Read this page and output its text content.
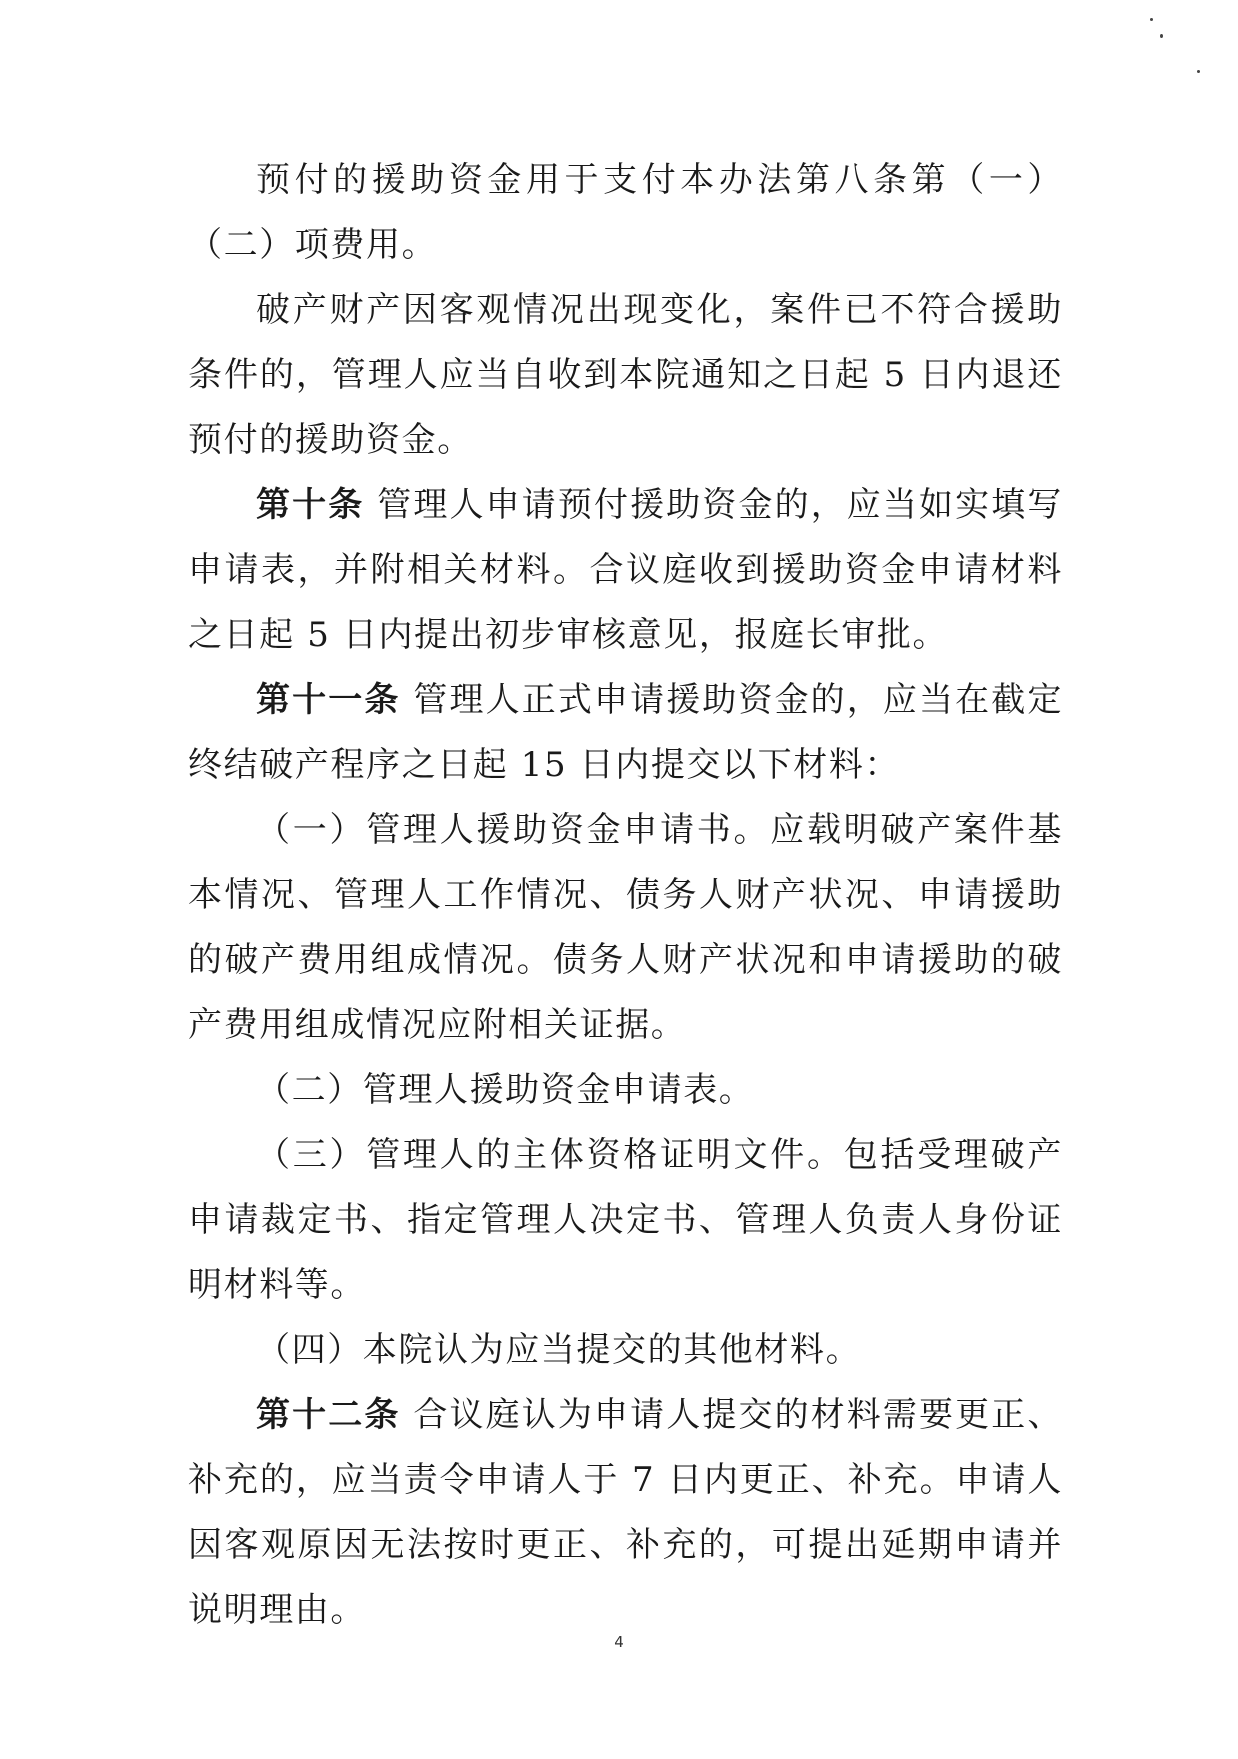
预付的援助资金用于支付本办法第八条第（一）（二）项费用。

破产财产因客观情况出现变化，案件已不符合援助条件的，管理人应当自收到本院通知之日起 5 日内退还预付的援助资金。

第十条 管理人申请预付援助资金的，应当如实填写申请表，并附相关材料。合议庭收到援助资金申请材料之日起 5 日内提出初步审核意见，报庭长审批。

第十一条 管理人正式申请援助资金的，应当在截定终结破产程序之日起 15 日内提交以下材料：

（一）管理人援助资金申请书。应载明破产案件基本情况、管理人工作情况、债务人财产状况、申请援助的破产费用组成情况。债务人财产状况和申请援助的破产费用组成情况应附相关证据。

（二）管理人援助资金申请表。

（三）管理人的主体资格证明文件。包括受理破产申请裁定书、指定管理人决定书、管理人负责人身份证明材料等。

（四）本院认为应当提交的其他材料。

第十二条 合议庭认为申请人提交的材料需要更正、补充的，应当责令申请人于 7 日内更正、补充。申请人因客观原因无法按时更正、补充的，可提出延期申请并说明理由。

4
